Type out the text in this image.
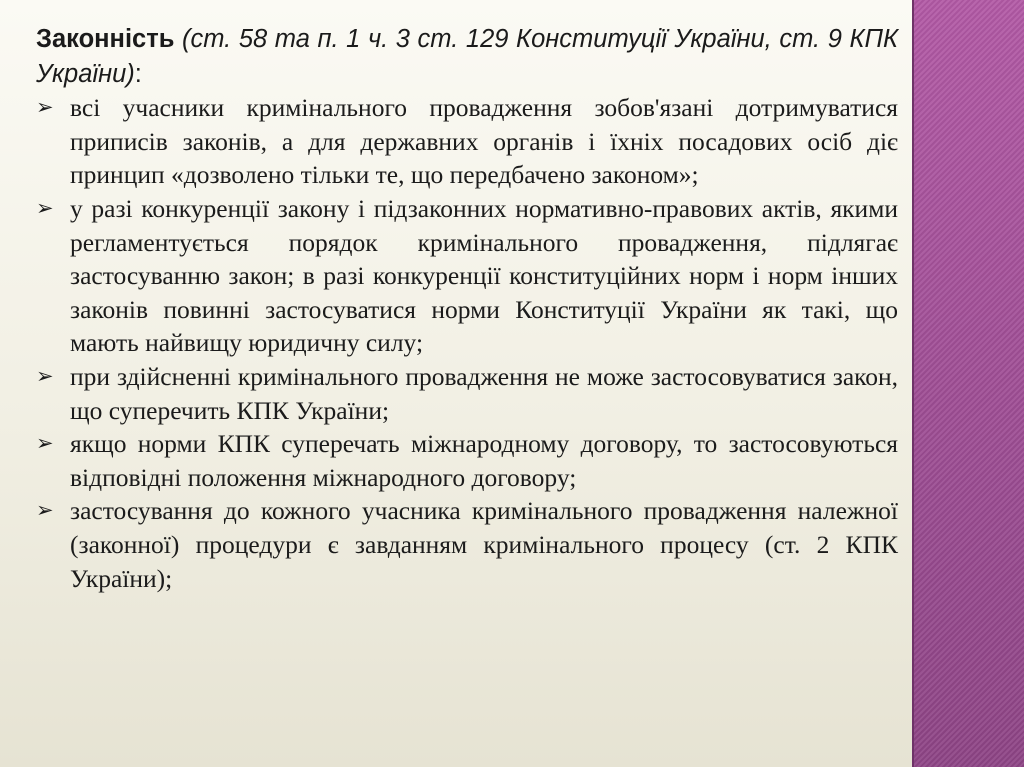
Законність (ст. 58 та п. 1 ч. 3 ст. 129 Конституції України, ст. 9 КПК України):

➢ всі учасники кримінального провадження зобов'язані дотримуватися приписів законів, а для державних органів і їхніх посадових осіб діє принцип «дозволено тільки те, що передбачено законом»;
➢ у разі конкуренції закону і підзаконних нормативно-правових актів, якими регламентується порядок кримінального провадження, підлягає застосуванню закон; в разі конкуренції конституційних норм і норм інших законів повинні застосуватися норми Конституції України як такі, що мають найвищу юридичну силу;
➢ при здійсненні кримінального провадження не може застосовуватися закон, що суперечить КПК України;
➢ якщо норми КПК суперечать міжнародному договору, то застосовуються відповідні положення міжнародного договору;
➢ застосування до кожного учасника кримінального провадження належної (законної) процедури є завданням кримінального процесу (ст. 2 КПК України);
